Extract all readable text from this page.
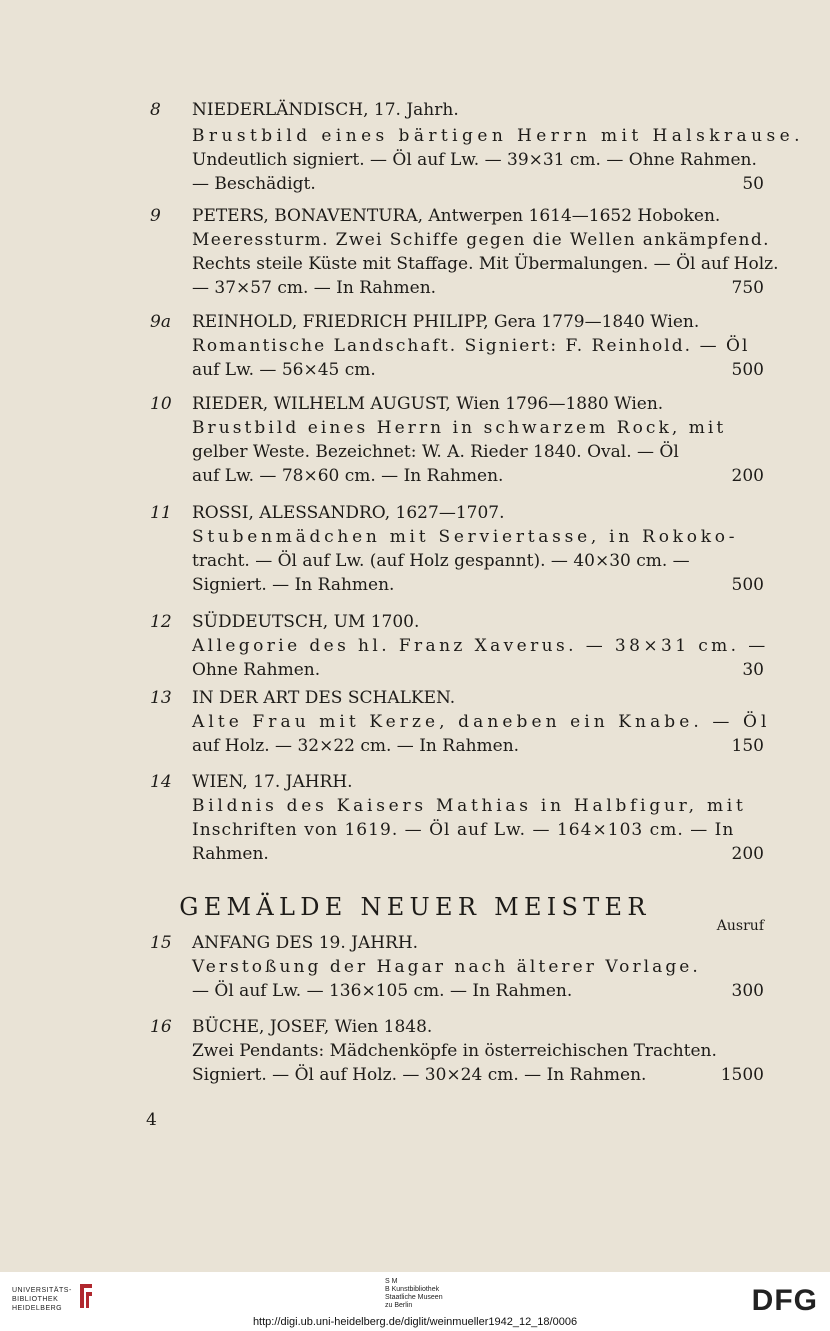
8	NIEDERLÄNDISCH, 17. Jahrh.
Brustbild eines bärtigen Herrn mit Halskrause.
Undeutlich signiert. — Öl auf Lw. — 39×31 cm. — Ohne Rahmen.
— Beschädigt.	50
9	PETERS, BONAVENTURA, Antwerpen 1614—1652 Hoboken.
Meeressturm. Zwei Schiffe gegen die Wellen ankämpfend.
Rechts steile Küste mit Staffage. Mit Übermalungen. — Öl auf Holz.
— 37×57 cm. — In Rahmen.	750
9a	REINHOLD, FRIEDRICH PHILIPP, Gera 1779—1840 Wien.
Romantische Landschaft. Signiert: F. Reinhold. — Öl
auf Lw. — 56×45 cm.	500
10	RIEDER, WILHELM AUGUST, Wien 1796—1880 Wien.
Brustbild eines Herrn in schwarzem Rock, mit
gelber Weste. Bezeichnet: W. A. Rieder 1840. Oval. — Öl
auf Lw. — 78×60 cm. — In Rahmen.	200
11	ROSSI, ALESSANDRO, 1627—1707.
Stubenmädchen mit Serviertasse, in Rokoko-
tracht. — Öl auf Lw. (auf Holz gespannt). — 40×30 cm. —
Signiert. — In Rahmen.	500
12	SÜDDEUTSCH, UM 1700.
Allegorie des hl. Franz Xaverus. — 38×31 cm. —
Ohne Rahmen.	30
13	IN DER ART DES SCHALKEN.
Alte Frau mit Kerze, daneben ein Knabe. — Öl
auf Holz. — 32×22 cm. — In Rahmen.	150
14	WIEN, 17. JAHRH.
Bildnis des Kaisers Mathias in Halbfigur, mit
Inschriften von 1619. — Öl auf Lw. — 164×103 cm. — In
Rahmen.	200
GEMÄLDE NEUER MEISTER
Ausruf
15	ANFANG DES 19. JAHRH.
Verstoßung der Hagar nach älterer Vorlage.
— Öl auf Lw. — 136×105 cm. — In Rahmen.	300
16	BÜCHE, JOSEF, Wien 1848.
Zwei Pendants: Mädchenköpfe in österreichischen Trachten.
Signiert. — Öl auf Holz. — 30×24 cm. — In Rahmen.	1500
4
UNIVERSITÄTS-
BIBLIOTHEK
HEIDELBERG
S M
B Kunstbibliothek
Staatliche Museen
zu Berlin	DFG
http://digi.ub.uni-heidelberg.de/diglit/weinmueller1942_12_18/0006
